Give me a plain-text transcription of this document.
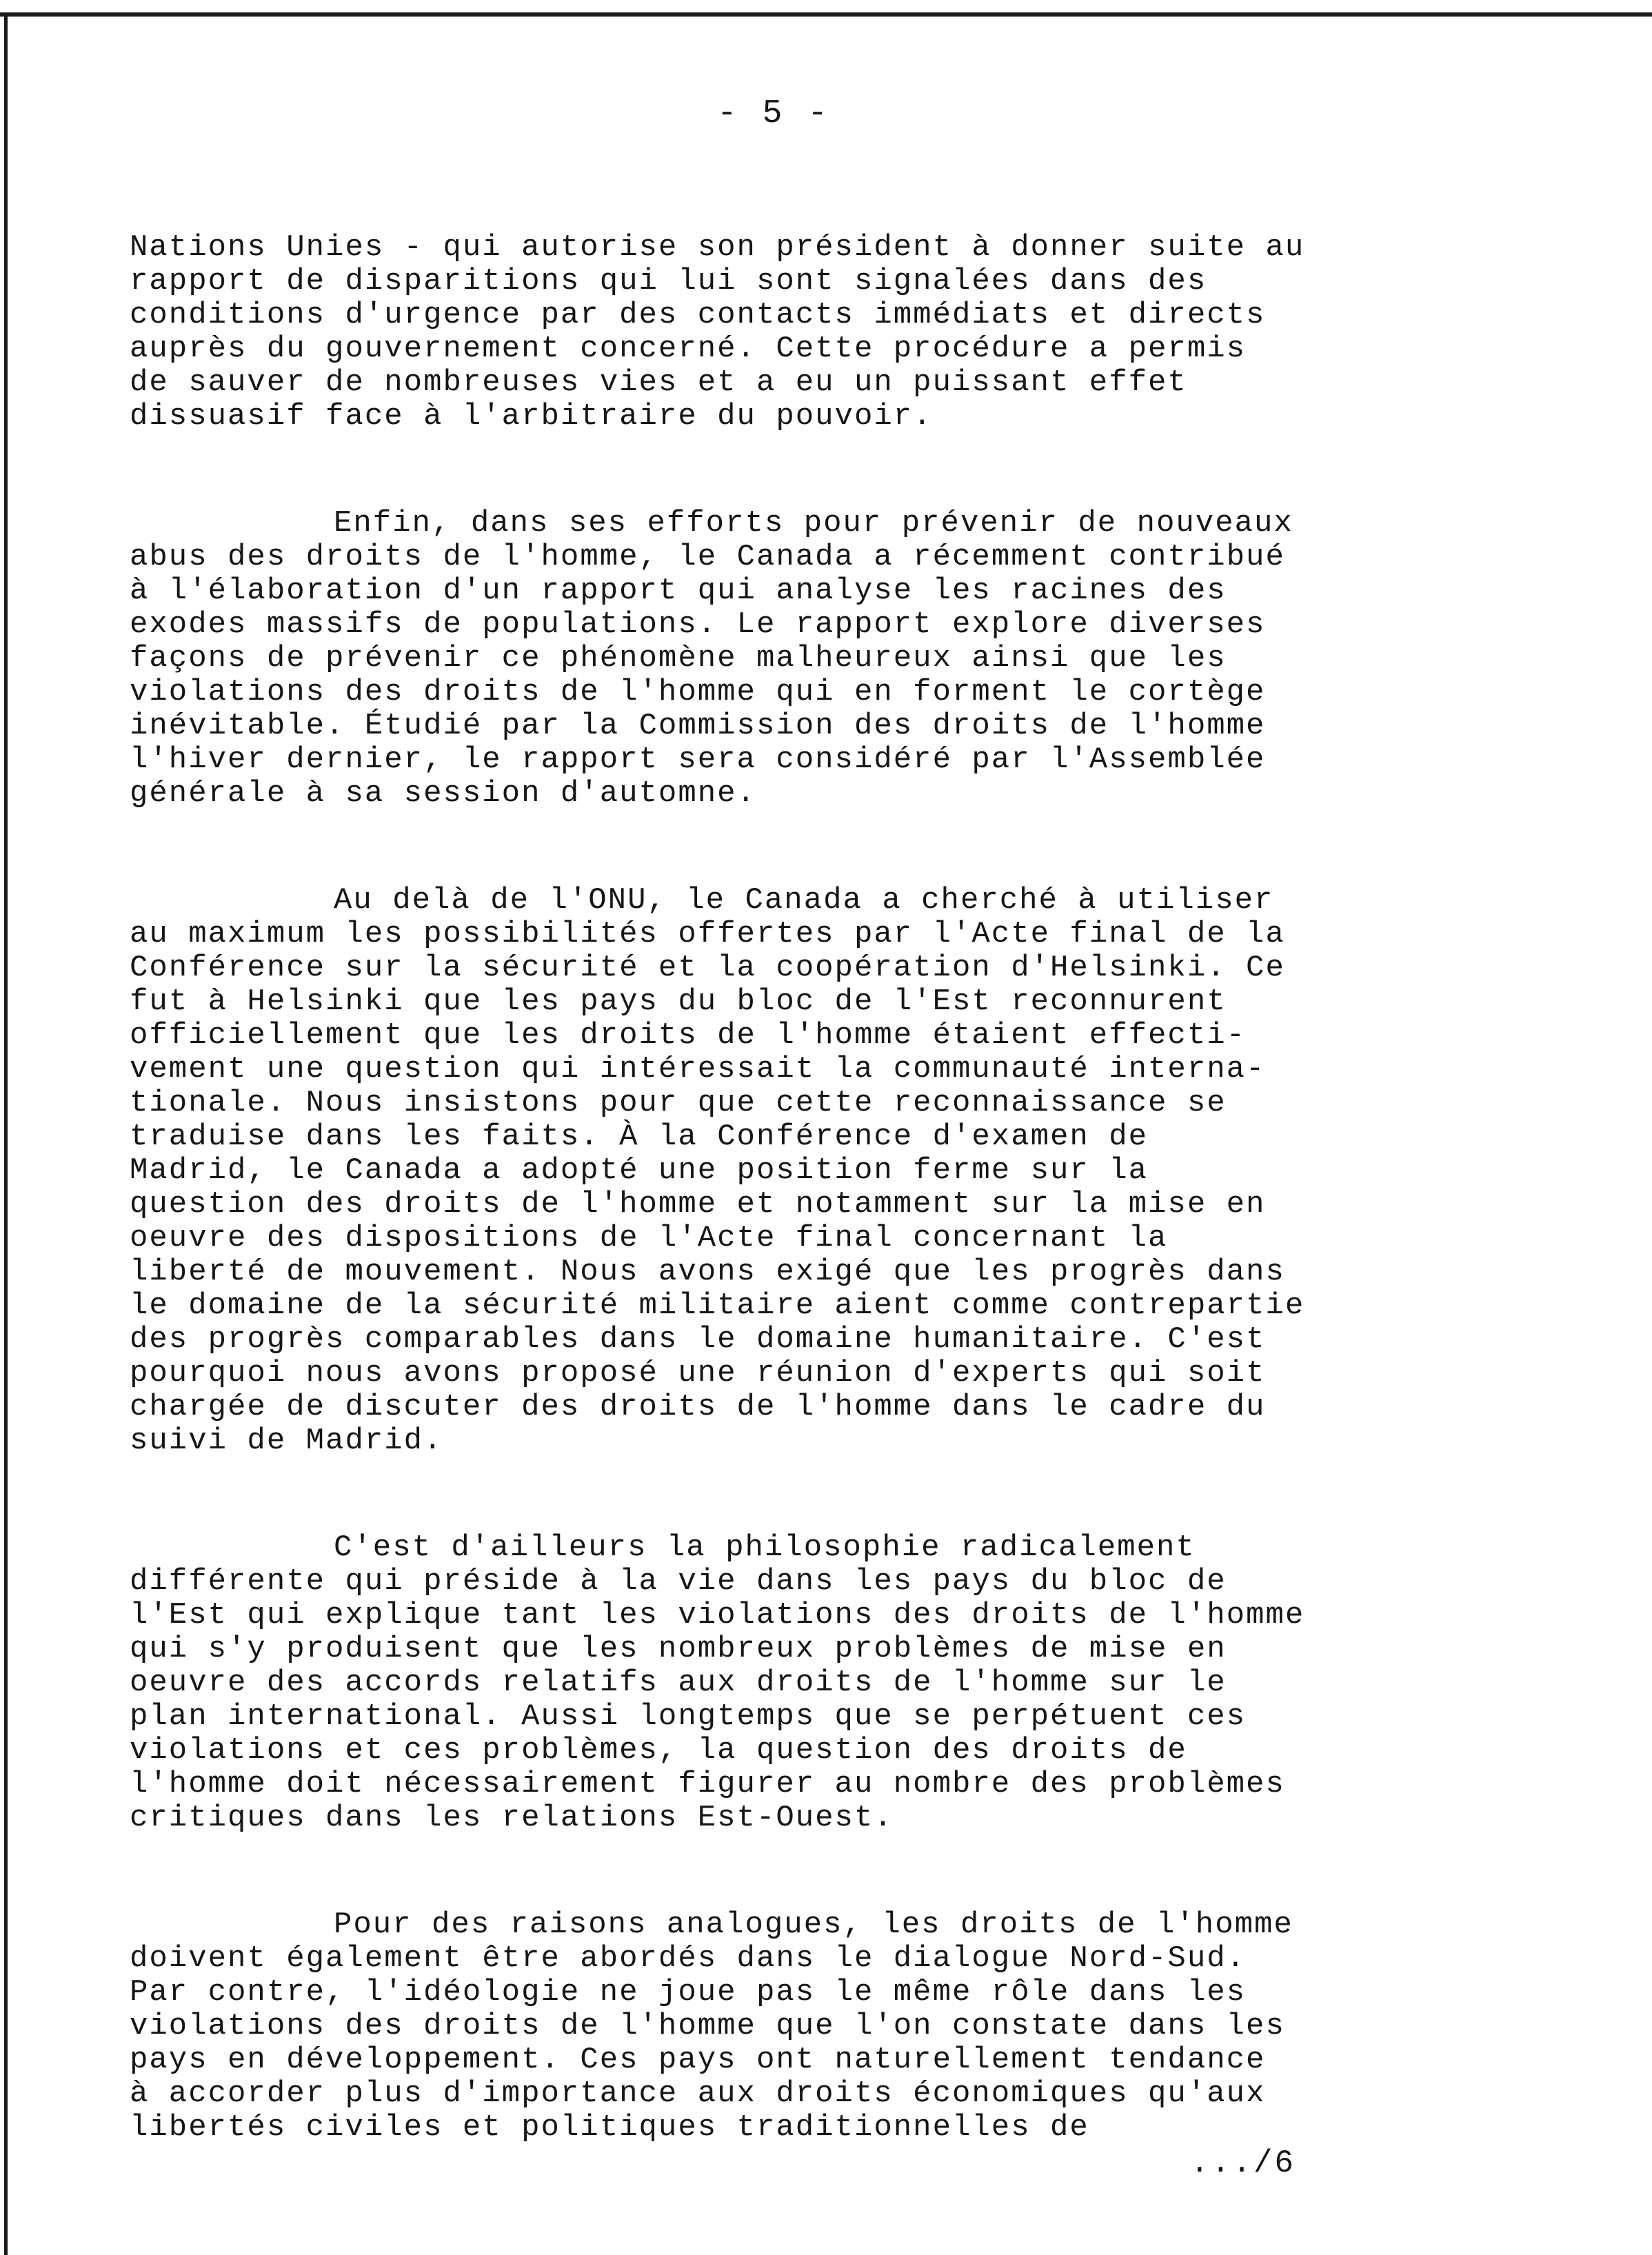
- 5 -

Nations Unies - qui autorise son président à donner suite au
rapport de disparitions qui lui sont signalées dans des
conditions d'urgence par des contacts immédiats et directs
auprès du gouvernement concerné. Cette procédure a permis
de sauver de nombreuses vies et a eu un puissant effet
dissuasif face à l'arbitraire du pouvoir.

Enfin, dans ses efforts pour prévenir de nouveaux
abus des droits de l'homme, le Canada a récemment contribué
à l'élaboration d'un rapport qui analyse les racines des
exodes massifs de populations. Le rapport explore diverses
façons de prévenir ce phénomène malheureux ainsi que les
violations des droits de l'homme qui en forment le cortège
inévitable. Étudié par la Commission des droits de l'homme
l'hiver dernier, le rapport sera considéré par l'Assemblée
générale à sa session d'automne.

Au delà de l'ONU, le Canada a cherché à utiliser
au maximum les possibilités offertes par l'Acte final de la
Conférence sur la sécurité et la coopération d'Helsinki. Ce
fut à Helsinki que les pays du bloc de l'Est reconnurent
officiellement que les droits de l'homme étaient effecti-
vement une question qui intéressait la communauté interna-
tionale. Nous insistons pour que cette reconnaissance se
traduise dans les faits. À la Conférence d'examen de
Madrid, le Canada a adopté une position ferme sur la
question des droits de l'homme et notamment sur la mise en
oeuvre des dispositions de l'Acte final concernant la
liberté de mouvement. Nous avons exigé que les progrès dans
le domaine de la sécurité militaire aient comme contrepartie
des progrès comparables dans le domaine humanitaire. C'est
pourquoi nous avons proposé une réunion d'experts qui soit
chargée de discuter des droits de l'homme dans le cadre du
suivi de Madrid.

C'est d'ailleurs la philosophie radicalement
différente qui préside à la vie dans les pays du bloc de
l'Est qui explique tant les violations des droits de l'homme
qui s'y produisent que les nombreux problèmes de mise en
oeuvre des accords relatifs aux droits de l'homme sur le
plan international. Aussi longtemps que se perpétuent ces
violations et ces problèmes, la question des droits de
l'homme doit nécessairement figurer au nombre des problèmes
critiques dans les relations Est-Ouest.

Pour des raisons analogues, les droits de l'homme
doivent également être abordés dans le dialogue Nord-Sud.
Par contre, l'idéologie ne joue pas le même rôle dans les
violations des droits de l'homme que l'on constate dans les
pays en développement. Ces pays ont naturellement tendance
à accorder plus d'importance aux droits économiques qu'aux
libertés civiles et politiques traditionnelles de

.../6
